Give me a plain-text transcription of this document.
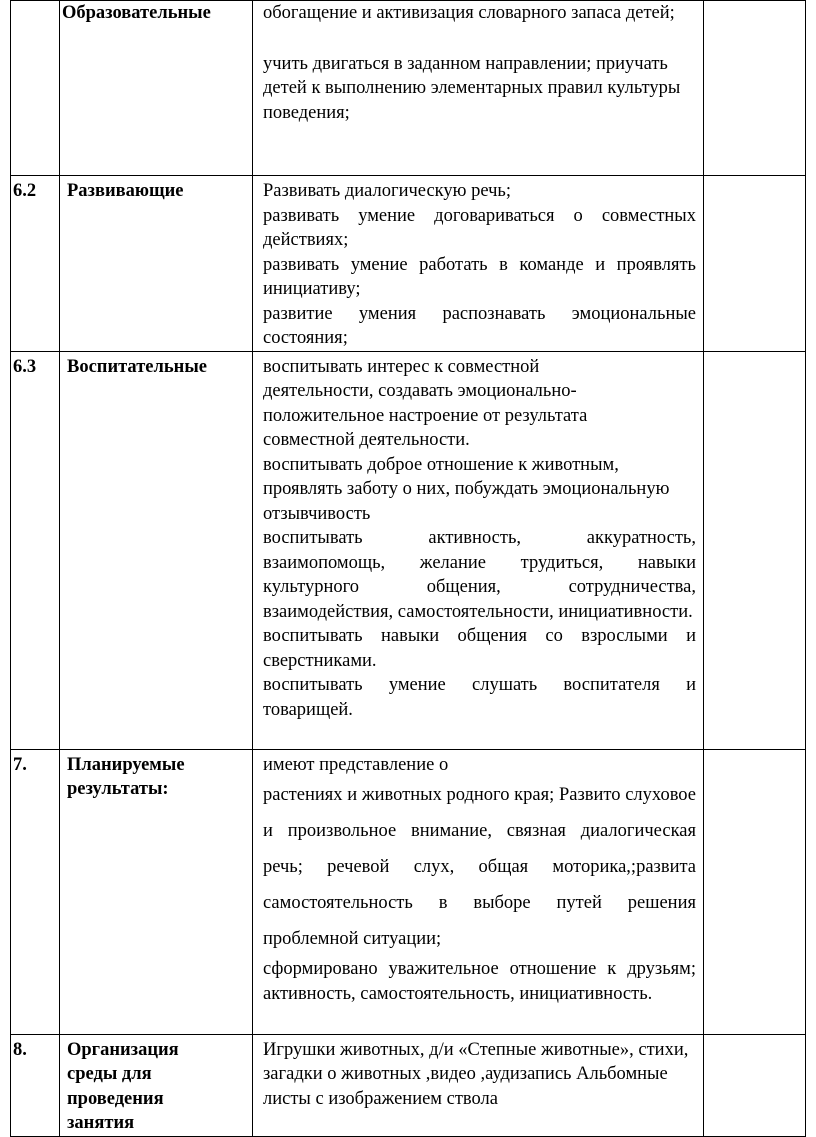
	Образовательные	обогащение и активизация словарного запаса детей;

учить двигаться в заданном направлении; приучать детей к выполнению элементарных правил культуры поведения;	

6.2	Развивающие	Развивать диалогическую речь;

развивать умение договариваться о совместных действиях;

развивать умение работать в команде и проявлять инициативу;

развитие умения распознавать эмоциональные состояния;	

6.3	Воспитательные	воспитывать интерес к совместной деятельности, создавать эмоционально-положительное настроение от результата совместной деятельности.

воспитывать доброе отношение к животным, проявлять заботу о них, побуждать эмоциональную отзывчивость

воспитывать активность, аккуратность, взаимопомощь, желание трудиться, навыки культурного общения, сотрудничества, взаимодействия, самостоятельности, инициативности.

воспитывать навыки общения со взрослыми и сверстниками.

воспитывать умение слушать воспитателя и товарищей.	

7.	Планируемые результаты:	имеют представление о

растениях и животных родного края; Развито слуховое и произвольное внимание, связная диалогическая речь; речевой слух, общая моторика,;развита самостоятельность в выборе путей решения проблемной ситуации;

сформировано уважительное отношение к друзьям; активность, самостоятельность, инициативность.	

8.	Организация среды для проведения занятия	Игрушки животных, д/и «Степные животные», стихи, загадки о животных ,видео ,аудизапись Альбомные листы с изображением ствола	
